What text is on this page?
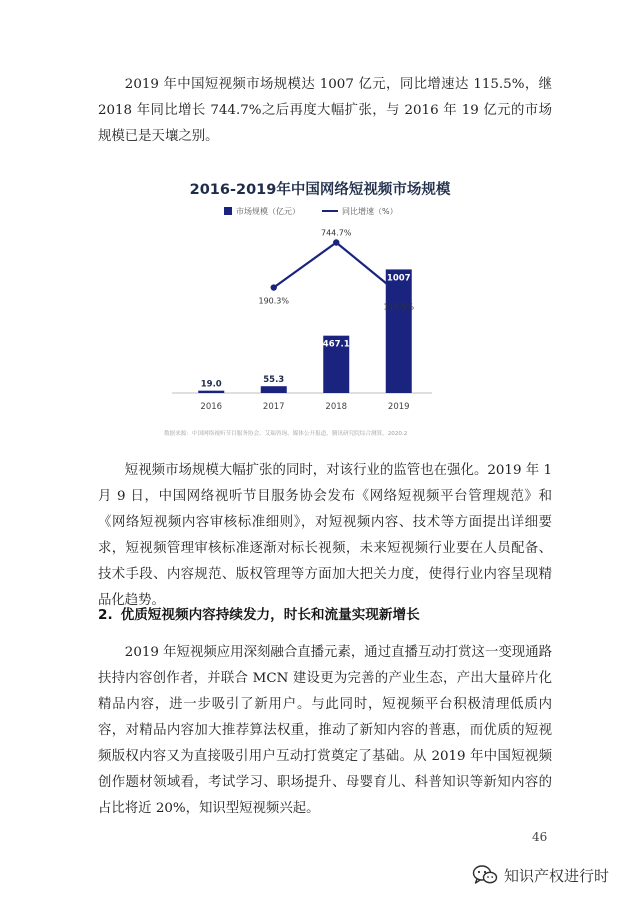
2019 年中国短视频市场规模达 1007 亿元，同比增速达 115.5%，继 2018 年同比增长 744.7%之后再度大幅扩张，与 2016 年 19 亿元的市场规模已是天壤之别。

19.0
2016
55.3
2017
467.1
2018
1007
2019
190.3%
744.7%
115.5%

2016-2019年中国网络短视频市场规模

市场规模（亿元）	同比增速（%）

数据来源：中国网络视听节目服务协会、艾瑞咨询、媒体公开报道，腾讯研究院综合测算，2020.2

短视频市场规模大幅扩张的同时，对该行业的监管也在强化。2019 年 1 月 9 日，中国网络视听节目服务协会发布《网络短视频平台管理规范》和《网络短视频内容审核标准细则》，对短视频内容、技术等方面提出详细要求，短视频管理审核标准逐渐对标长视频，未来短视频行业要在人员配备、技术手段、内容规范、版权管理等方面加大把关力度，使得行业内容呈现精品化趋势。

2. 优质短视频内容持续发力，时长和流量实现新增长

2019 年短视频应用深刻融合直播元素，通过直播互动打赏这一变现通路扶持内容创作者，并联合 MCN 建设更为完善的产业生态，产出大量碎片化精品内容，进一步吸引了新用户。与此同时，短视频平台积极清理低质内容，对精品内容加大推荐算法权重，推动了新知内容的普惠，而优质的短视频版权内容又为直接吸引用户互动打赏奠定了基础。从 2019 年中国短视频创作题材领域看，考试学习、职场提升、母婴育儿、科普知识等新知内容的占比将近 20%，知识型短视频兴起。

46

知识产权进行时
